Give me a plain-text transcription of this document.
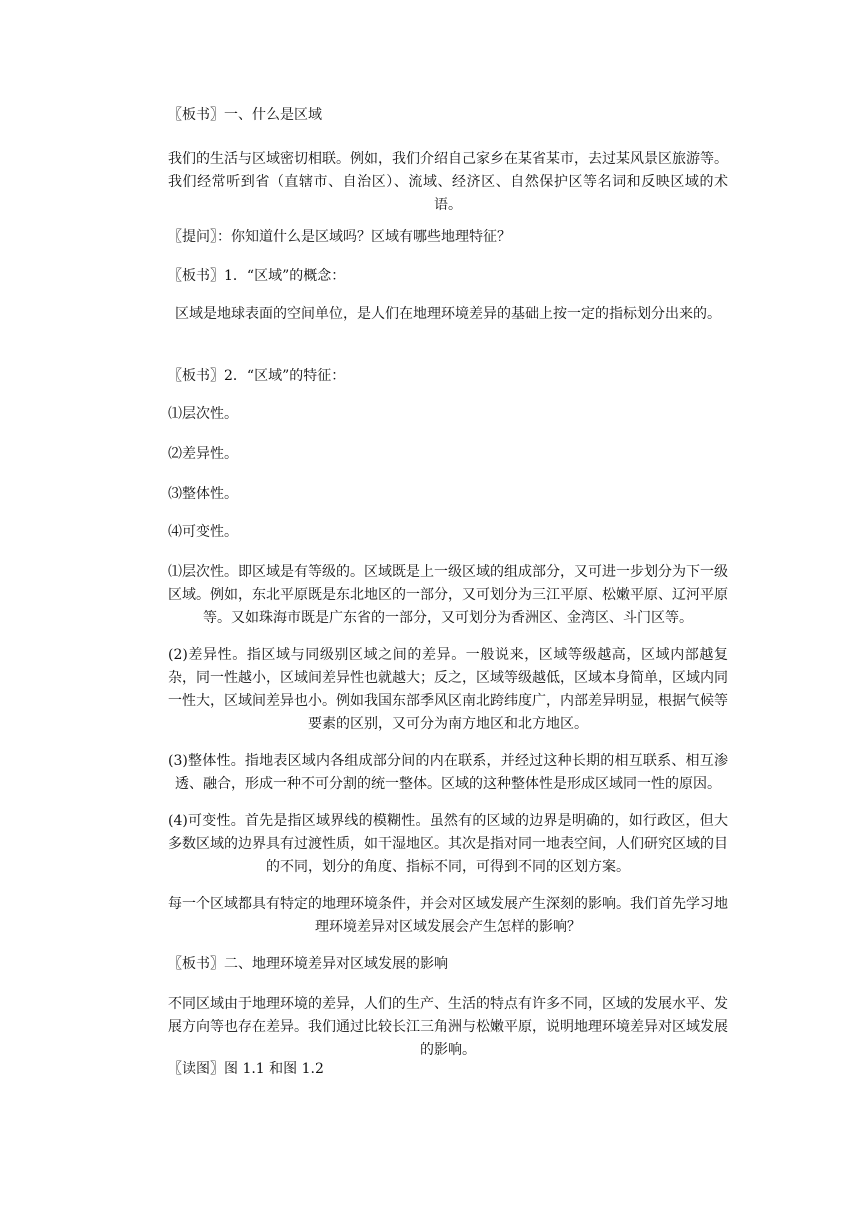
〖板书〗一、什么是区域
我们的生活与区域密切相联。例如，我们介绍自己家乡在某省某市，去过某风景区旅游等。我们经常听到省（直辖市、自治区）、流域、经济区、自然保护区等名词和反映区域的术语。
〖提问〗：你知道什么是区域吗？区域有哪些地理特征？
〖板书〗1．“区域”的概念：
区域是地球表面的空间单位，是人们在地理环境差异的基础上按一定的指标划分出来的。
〖板书〗2．“区域”的特征：
⑴层次性。
⑵差异性。
⑶整体性。
⑷可变性。
⑴层次性。即区域是有等级的。区域既是上一级区域的组成部分，又可进一步划分为下一级区域。例如，东北平原既是东北地区的一部分，又可划分为三江平原、松嫩平原、辽河平原等。又如珠海市既是广东省的一部分，又可划分为香洲区、金湾区、斗门区等。
(2)差异性。指区域与同级别区域之间的差异。一般说来，区域等级越高，区域内部越复杂，同一性越小，区域间差异性也就越大；反之，区域等级越低，区域本身简单，区域内同一性大，区域间差异也小。例如我国东部季风区南北跨纬度广，内部差异明显，根据气候等要素的区别，又可分为南方地区和北方地区。
(3)整体性。指地表区域内各组成部分间的内在联系，并经过这种长期的相互联系、相互渗透、融合，形成一种不可分割的统一整体。区域的这种整体性是形成区域同一性的原因。
(4)可变性。首先是指区域界线的模糊性。虽然有的区域的边界是明确的，如行政区，但大多数区域的边界具有过渡性质，如干湿地区。其次是指对同一地表空间，人们研究区域的目的不同，划分的角度、指标不同，可得到不同的区划方案。
每一个区域都具有特定的地理环境条件，并会对区域发展产生深刻的影响。我们首先学习地理环境差异对区域发展会产生怎样的影响？
〖板书〗二、地理环境差异对区域发展的影响
不同区域由于地理环境的差异，人们的生产、生活的特点有许多不同，区域的发展水平、发展方向等也存在差异。我们通过比较长江三角洲与松嫩平原，说明地理环境差异对区域发展的影响。
〖读图〗图 1.1 和图 1.2
